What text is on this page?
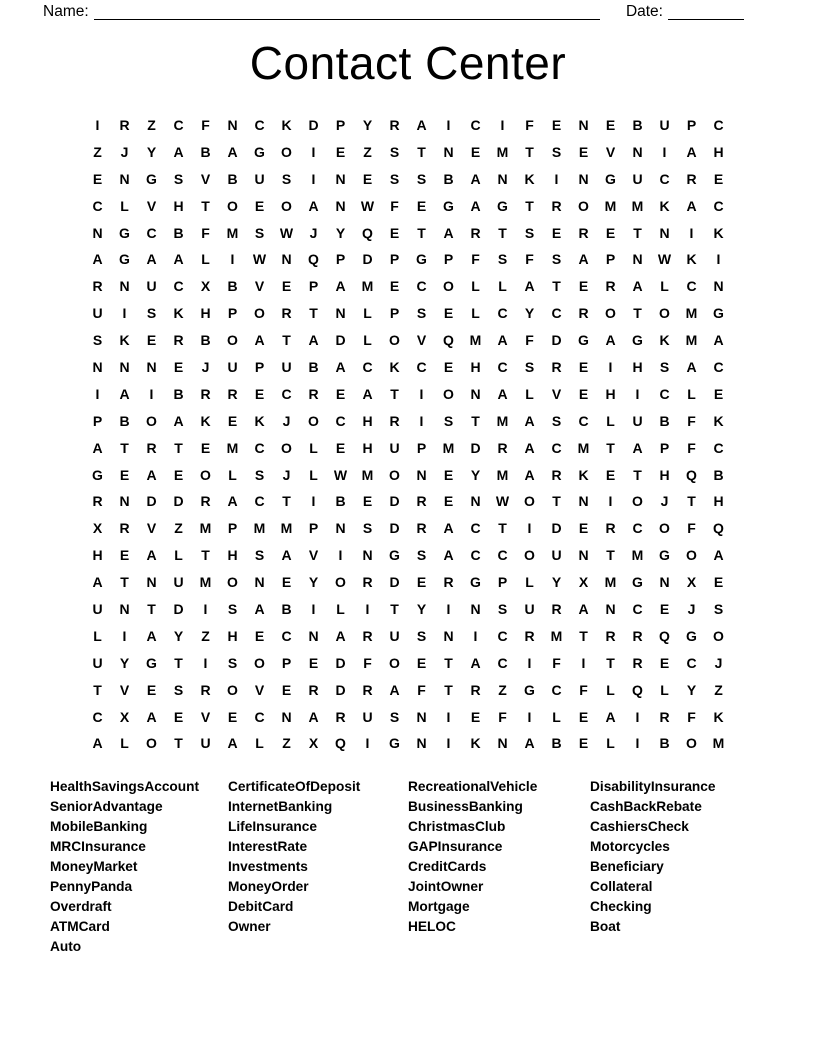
Name:	Date:
Contact Center
I	R	Z	C	F	N	C	K	D	P	Y	R	A	I	C	I	F	E	N	E	B	U	P	C
Z	J	Y	A	B	A	G	O	I	E	Z	S	T	N	E	M	T	S	E	V	N	I	A	H
E	N	G	S	V	B	U	S	I	N	E	S	S	B	A	N	K	I	N	G	U	C	R	E
C	L	V	H	T	O	E	O	A	N	W	F	E	G	A	G	T	R	O	M	M	K	A	C
N	G	C	B	F	M	S	W	J	Y	Q	E	T	A	R	T	S	E	R	E	T	N	I	K
A	G	A	A	L	I	W	N	Q	P	D	P	G	P	F	S	F	S	A	P	N	W	K	I
R	N	U	C	X	B	V	E	P	A	M	E	C	O	L	L	A	T	E	R	A	L	C	N
U	I	S	K	H	P	O	R	T	N	L	P	S	E	L	C	Y	C	R	O	T	O	M	G
S	K	E	R	B	O	A	T	A	D	L	O	V	Q	M	A	F	D	G	A	G	K	M	A
N	N	N	E	J	U	P	U	B	A	C	K	C	E	H	C	S	R	E	I	H	S	A	C
I	A	I	B	R	R	E	C	R	E	A	T	I	O	N	A	L	V	E	H	I	C	L	E
P	B	O	A	K	E	K	J	O	C	H	R	I	S	T	M	A	S	C	L	U	B	F	K
A	T	R	T	E	M	C	O	L	E	H	U	P	M	D	R	A	C	M	T	A	P	F	C
G	E	A	E	O	L	S	J	L	W	M	O	N	E	Y	M	A	R	K	E	T	H	Q	B
R	N	D	D	R	A	C	T	I	B	E	D	R	E	N	W	O	T	N	I	O	J	T	H
X	R	V	Z	M	P	M	M	P	N	S	D	R	A	C	T	I	D	E	R	C	O	F	Q
H	E	A	L	T	H	S	A	V	I	N	G	S	A	C	C	O	U	N	T	M	G	O	A
A	T	N	U	M	O	N	E	Y	O	R	D	E	R	G	P	L	Y	X	M	G	N	X	E
U	N	T	D	I	S	A	B	I	L	I	T	Y	I	N	S	U	R	A	N	C	E	J	S
L	I	A	Y	Z	H	E	C	N	A	R	U	S	N	I	C	R	M	T	R	R	Q	G	O
U	Y	G	T	I	S	O	P	E	D	F	O	E	T	A	C	I	F	I	T	R	E	C	J
T	V	E	S	R	O	V	E	R	D	R	A	F	T	R	Z	G	C	F	L	Q	L	Y	Z
C	X	A	E	V	E	C	N	A	R	U	S	N	I	E	F	I	L	E	A	I	R	F	K
A	L	O	T	U	A	L	Z	X	Q	I	G	N	I	K	N	A	B	E	L	I	B	O	M
HealthSavingsAccount
SeniorAdvantage
MobileBanking
MRCInsurance
MoneyMarket
PennyPanda
Overdraft
ATMCard
Auto
CertificateOfDeposit
InternetBanking
LifeInsurance
InterestRate
Investments
MoneyOrder
DebitCard
Owner
RecreationalVehicle
BusinessBanking
ChristmasClub
GAPInsurance
CreditCards
JointOwner
Mortgage
HELOC
DisabilityInsurance
CashBackRebate
CashiersCheck
Motorcycles
Beneficiary
Collateral
Checking
Boat
